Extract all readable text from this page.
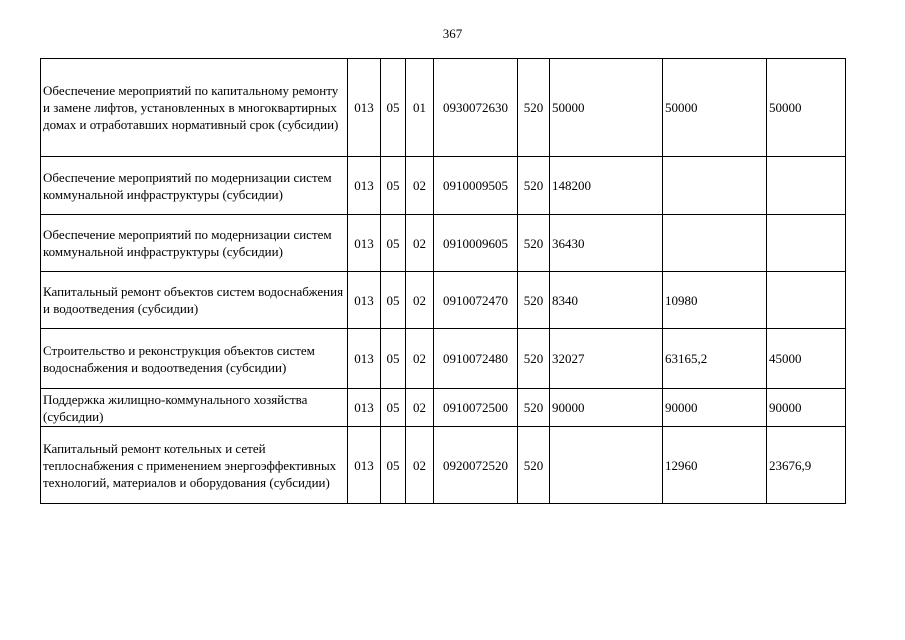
367
Обеспечение мероприятий по капитальному ремонту и замене лифтов, установленных в многоквартирных домах и отработавших нормативный срок (субсидии)	013	05	01	0930072630	520	50000	50000	50000
Обеспечение мероприятий по модернизации систем коммунальной инфраструктуры (субсидии)	013	05	02	0910009505	520	148200		
Обеспечение мероприятий по модернизации систем коммунальной инфраструктуры (субсидии)	013	05	02	0910009605	520	36430		
Капитальный ремонт объектов систем водоснабжения и водоотведения (субсидии)	013	05	02	0910072470	520	8340	10980	
Строительство и реконструкция объектов систем водоснабжения и водоотведения (субсидии)	013	05	02	0910072480	520	32027	63165,2	45000
Поддержка жилищно-коммунального хозяйства (субсидии)	013	05	02	0910072500	520	90000	90000	90000
Капитальный ремонт котельных и сетей теплоснабжения с применением энергоэффективных технологий, материалов и оборудования (субсидии)	013	05	02	0920072520	520		12960	23676,9
